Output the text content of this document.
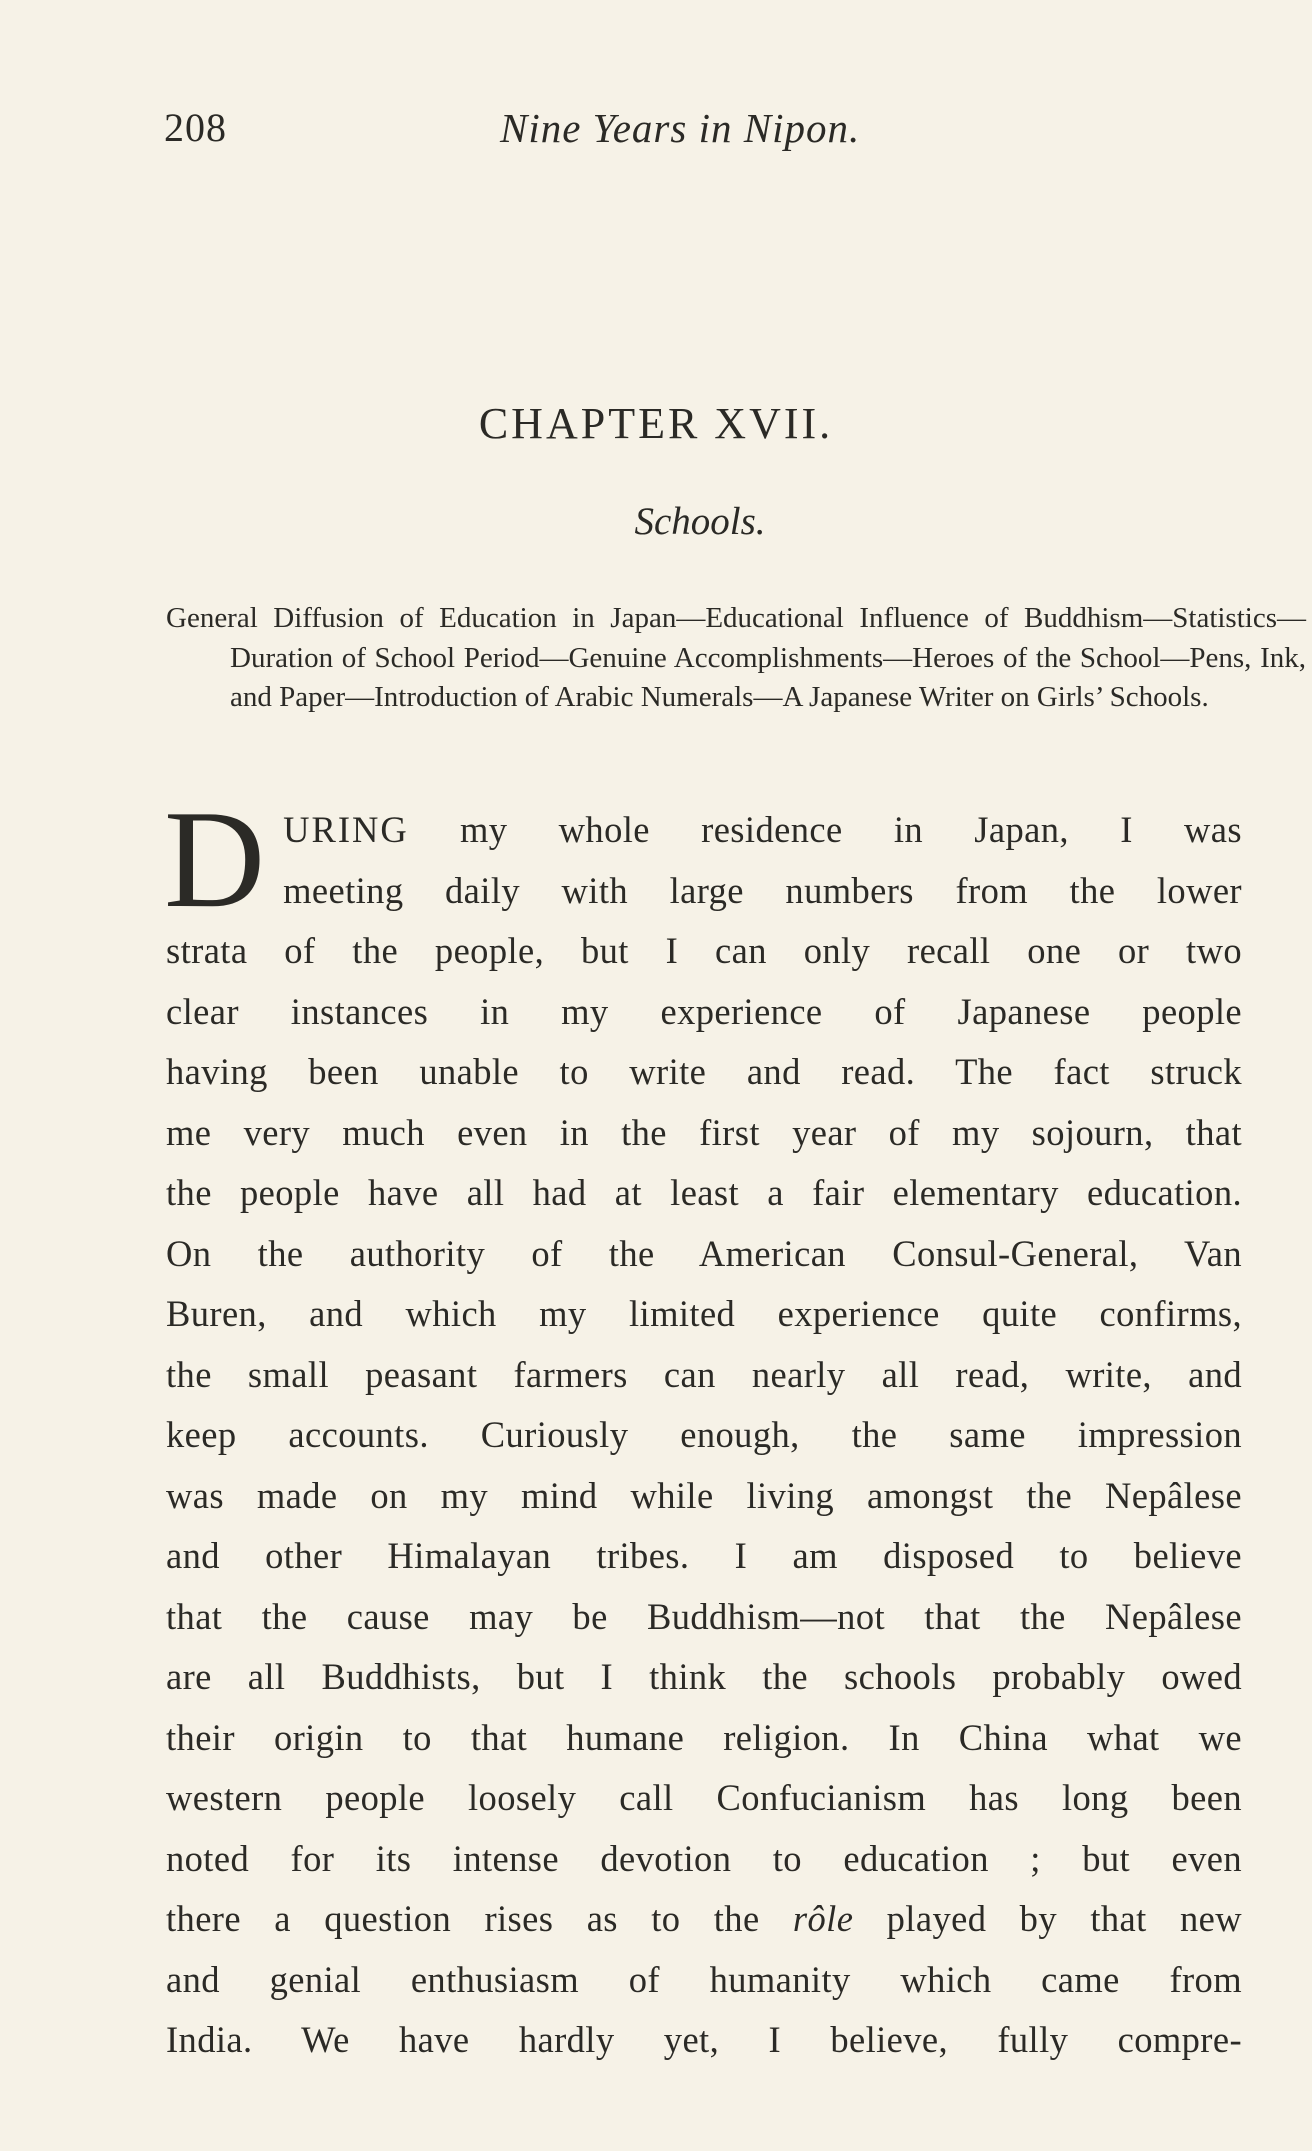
208	Nine Years in Nipon.
CHAPTER XVII.
Schools.
General Diffusion of Education in Japan—Educational Influence of Buddhism—Statistics—Duration of School Period—Genuine Accomplishments—Heroes of the School—Pens, Ink, and Paper—Introduction of Arabic Numerals—A Japanese Writer on Girls’ Schools.

D URING my whole residence in Japan, I was
meeting daily with large numbers from the lower
strata of the people, but I can only recall one or two
clear instances in my experience of Japanese people
having been unable to write and read. The fact struck
me very much even in the first year of my sojourn, that
the people have all had at least a fair elementary education.
On the authority of the American Consul-General, Van
Buren, and which my limited experience quite confirms,
the small peasant farmers can nearly all read, write, and
keep accounts. Curiously enough, the same impression
was made on my mind while living amongst the Nepâlese
and other Himalayan tribes. I am disposed to believe
that the cause may be Buddhism—not that the Nepâlese
are all Buddhists, but I think the schools probably owed
their origin to that humane religion. In China what we
western people loosely call Confucianism has long been
noted for its intense devotion to education ; but even
there a question rises as to the rôle played by that new
and genial enthusiasm of humanity which came from
India. We have hardly yet, I believe, fully compre-
